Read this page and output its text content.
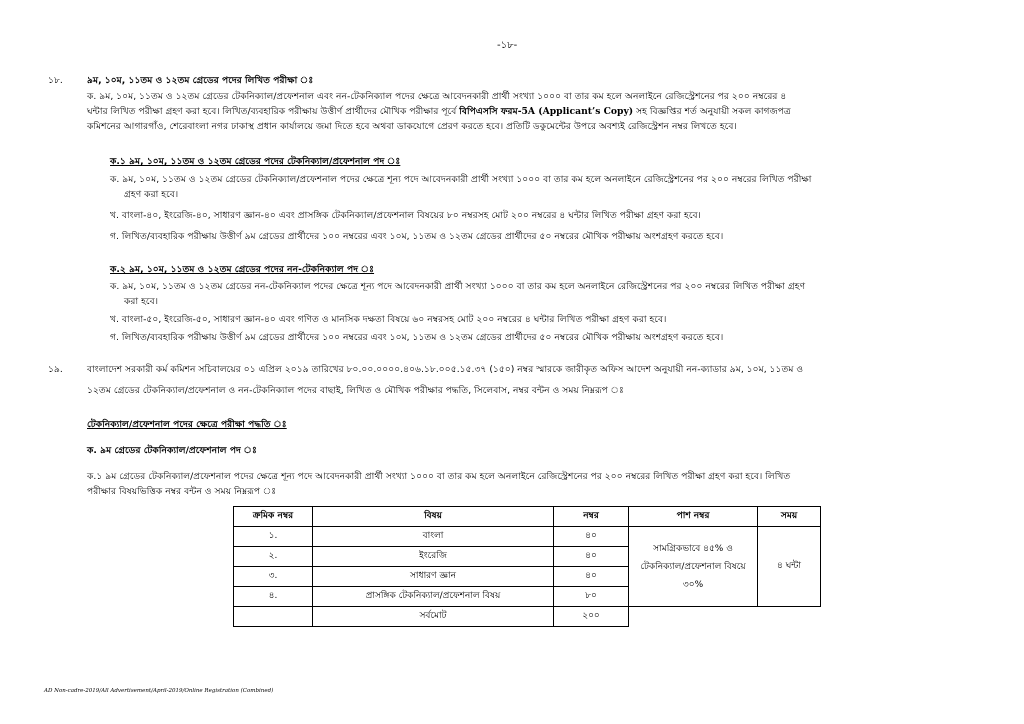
-১৮-
১৮.	৯ম, ১০ম, ১১তম ও ১২তম গ্রেডের পদের লিখিত পরীক্ষা ঃ
ক. ৯ম, ১০ম, ১১তম ও ১২তম গ্রেডের টেকনিক্যাল/প্রফেশনাল এবং নন-টেকনিক্যাল পদের ক্ষেত্রে আবেদনকারী প্রার্থী সংখ্যা ১০০০ বা তার কম হলে অনলাইনে রেজিস্ট্রেশনের পর ২০০ নম্বরের ৪
ঘন্টার লিখিত পরীক্ষা গ্রহণ করা হবে। লিখিত/ব্যবহারিক পরীক্ষায় উত্তীর্ণ প্রার্থীদের মৌখিক পরীক্ষার পূর্বে বিপিএসসি ফরম-5A (Applicant’s Copy) সহ বিজ্ঞপ্তির শর্ত অনুযায়ী সকল কাগজপত্র
কমিশনের আগারগাঁও, শেরেবাংলা নগর ঢাকাস্থ প্রধান কার্যালয়ে জমা দিতে হবে অথবা ডাকযোগে প্রেরণ করতে হবে। প্রতিটি ডকুমেন্টের উপরে অবশ্যই রেজিস্ট্রেশন নম্বর লিখতে হবে।
ক.১ ৯ম, ১০ম, ১১তম ও ১২তম গ্রেডের পদের টেকনিক্যাল/প্রফেশনাল পদ ঃ
ক. ৯ম, ১০ম, ১১তম ও ১২তম গ্রেডের টেকনিক্যাল/প্রফেশনাল পদের ক্ষেত্রে শূন্য পদে আবেদনকারী প্রার্থী সংখ্যা ১০০০ বা তার কম হলে অনলাইনে রেজিস্ট্রেশনের পর ২০০ নম্বরের লিখিত পরীক্ষা
গ্রহণ করা হবে।
খ. বাংলা-৪০, ইংরেজি-৪০, সাধারণ জ্ঞান-৪০ এবং প্রাসঙ্গিক টেকনিক্যাল/প্রফেশনাল বিষয়ের ৮০ নম্বরসহ মোট ২০০ নম্বরের ৪ ঘন্টার লিখিত পরীক্ষা গ্রহণ করা হবে।
গ. লিখিত/ব্যবহারিক পরীক্ষায় উত্তীর্ণ ৯ম গ্রেডের প্রার্থীদের ১০০ নম্বরের এবং ১০ম, ১১তম ও ১২তম গ্রেডের প্রার্থীদের ৫০ নম্বরের মৌখিক পরীক্ষায় অংশগ্রহণ করতে হবে।
ক.২ ৯ম, ১০ম, ১১তম ও ১২তম গ্রেডের পদের নন-টেকনিক্যাল পদ ঃ
ক. ৯ম, ১০ম, ১১তম ও ১২তম গ্রেডের নন-টেকনিক্যাল পদের ক্ষেত্রে শূন্য পদে আবেদনকারী প্রার্থী সংখ্যা ১০০০ বা তার কম হলে অনলাইনে রেজিস্ট্রেশনের পর ২০০ নম্বরের লিখিত পরীক্ষা গ্রহণ
করা হবে।
খ. বাংলা-৫০, ইংরেজি-৫০, সাধারণ জ্ঞান-৪০ এবং গণিত ও মানসিক দক্ষতা বিষয়ে ৬০ নম্বরসহ মোট ২০০ নম্বরের ৪ ঘন্টার লিখিত পরীক্ষা গ্রহণ করা হবে।
গ. লিখিত/ব্যবহারিক পরীক্ষায় উত্তীর্ণ ৯ম গ্রেডের প্রার্থীদের ১০০ নম্বরের এবং ১০ম, ১১তম ও ১২তম গ্রেডের প্রার্থীদের ৫০ নম্বরের মৌখিক পরীক্ষায় অংশগ্রহণ করতে হবে।
১৯.	বাংলাদেশ সরকারী কর্ম কমিশন সচিবালয়ের ০১ এপ্রিল ২০১৯ তারিখের ৮০.০০.০০০০.৪০৬.১৮.০০৫.১৫.৩৭ (১৫০) নম্বর স্মারকে জারীকৃত অফিস আদেশ অনুযায়ী নন-ক্যাডার ৯ম, ১০ম, ১১তম ও
১২তম গ্রেডের টেকনিক্যাল/প্রফেশনাল ও নন-টেকনিক্যাল পদের বাছাই, লিখিত ও মৌখিক পরীক্ষার পদ্ধতি, সিলেবাস, নম্বর বন্টন ও সময় নিম্নরূপ ঃ
টেকনিক্যাল/প্রফেশনাল পদের ক্ষেত্রে পরীক্ষা পদ্ধতি ঃ
ক. ৯ম গ্রেডের টেকনিক্যাল/প্রফেশনাল পদ ঃ
ক.১ ৯ম গ্রেডের টেকনিক্যাল/প্রফেশনাল পদের ক্ষেত্রে শূন্য পদে আবেদনকারী প্রার্থী সংখ্যা ১০০০ বা তার কম হলে অনলাইনে রেজিস্ট্রেশনের পর ২০০ নম্বরের লিখিত পরীক্ষা গ্রহণ করা হবে। লিখিত
পরীক্ষার বিষয়ভিত্তিক নম্বর বন্টন ও সময় নিম্নরূপ ঃ
ক্রমিক নম্বর	বিষয়	নম্বর	পাশ নম্বর	সময়
১.	বাংলা	৪০	সামগ্রিকভাবে ৪৫% ও
টেকনিক্যাল/প্রফেশনাল বিষয়ে
৩০%	৪ ঘন্টা
২.	ইংরেজি	৪০		
৩.	সাধারণ জ্ঞান	৪০		
৪.	প্রাসঙ্গিক টেকনিক্যাল/প্রফেশনাল বিষয়	৮০		
	সর্বমোট	২০০		
AD Non-cadre-2019/All Advertisement/April-2019/Online Registration (Combined)
